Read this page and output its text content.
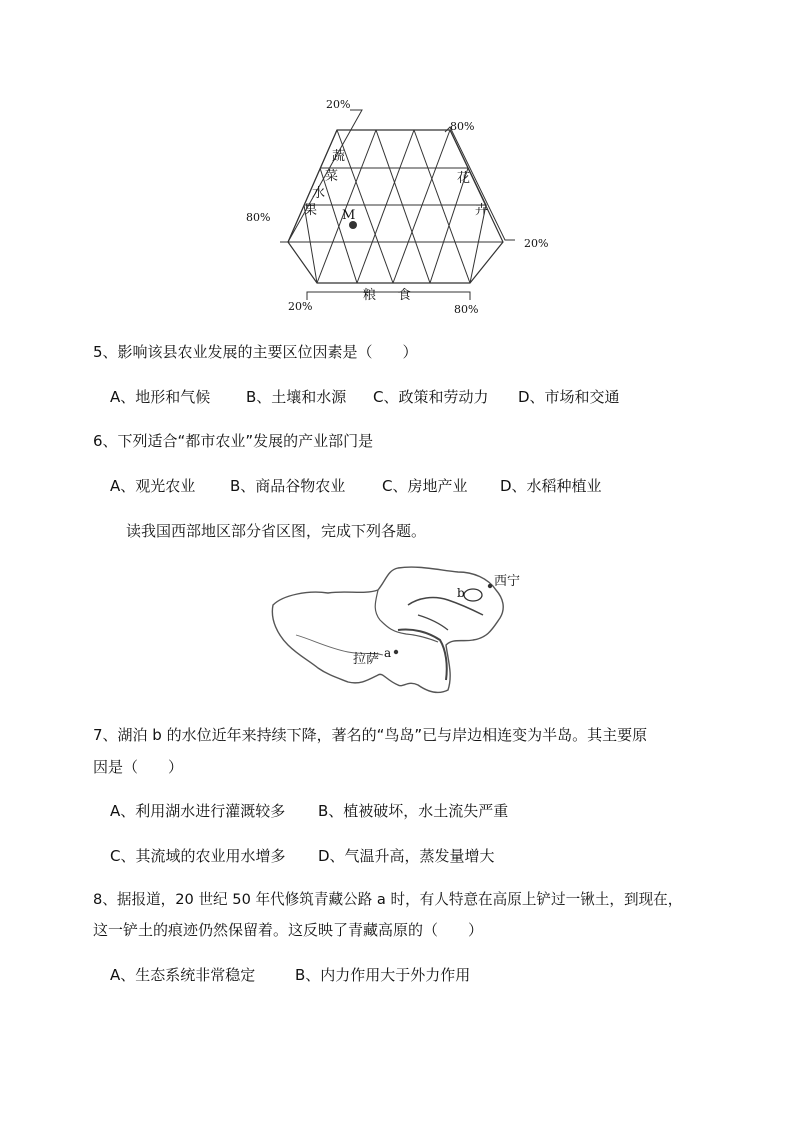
20%
80%
80%
20%
20%	80%
蔬
菜
水
果
花
卉
粮 食
M
5、影响该县农业发展的主要区位因素是（　　）
A、地形和气候 B、土壤和水源 C、政策和劳动力 D、市场和交通
6、下列适合“都市农业”发展的产业部门是
A、观光农业 B、商品谷物农业 C、房地产业 D、水稻种植业
读我国西部地区部分省区图，完成下列各题。
西宁
拉萨
b
a
7、湖泊 b 的水位近年来持续下降，著名的“鸟岛”已与岸边相连变为半岛。其主要原
因是（　　）
A、利用湖水进行灌溉较多 B、植被破坏，水土流失严重
C、其流域的农业用水增多 D、气温升高，蒸发量增大
8、据报道，20 世纪 50 年代修筑青藏公路 a 时，有人特意在高原上铲过一锹土，到现在，
这一铲土的痕迹仍然保留着。这反映了青藏高原的（　　）
A、生态系统非常稳定	B、内力作用大于外力作用
